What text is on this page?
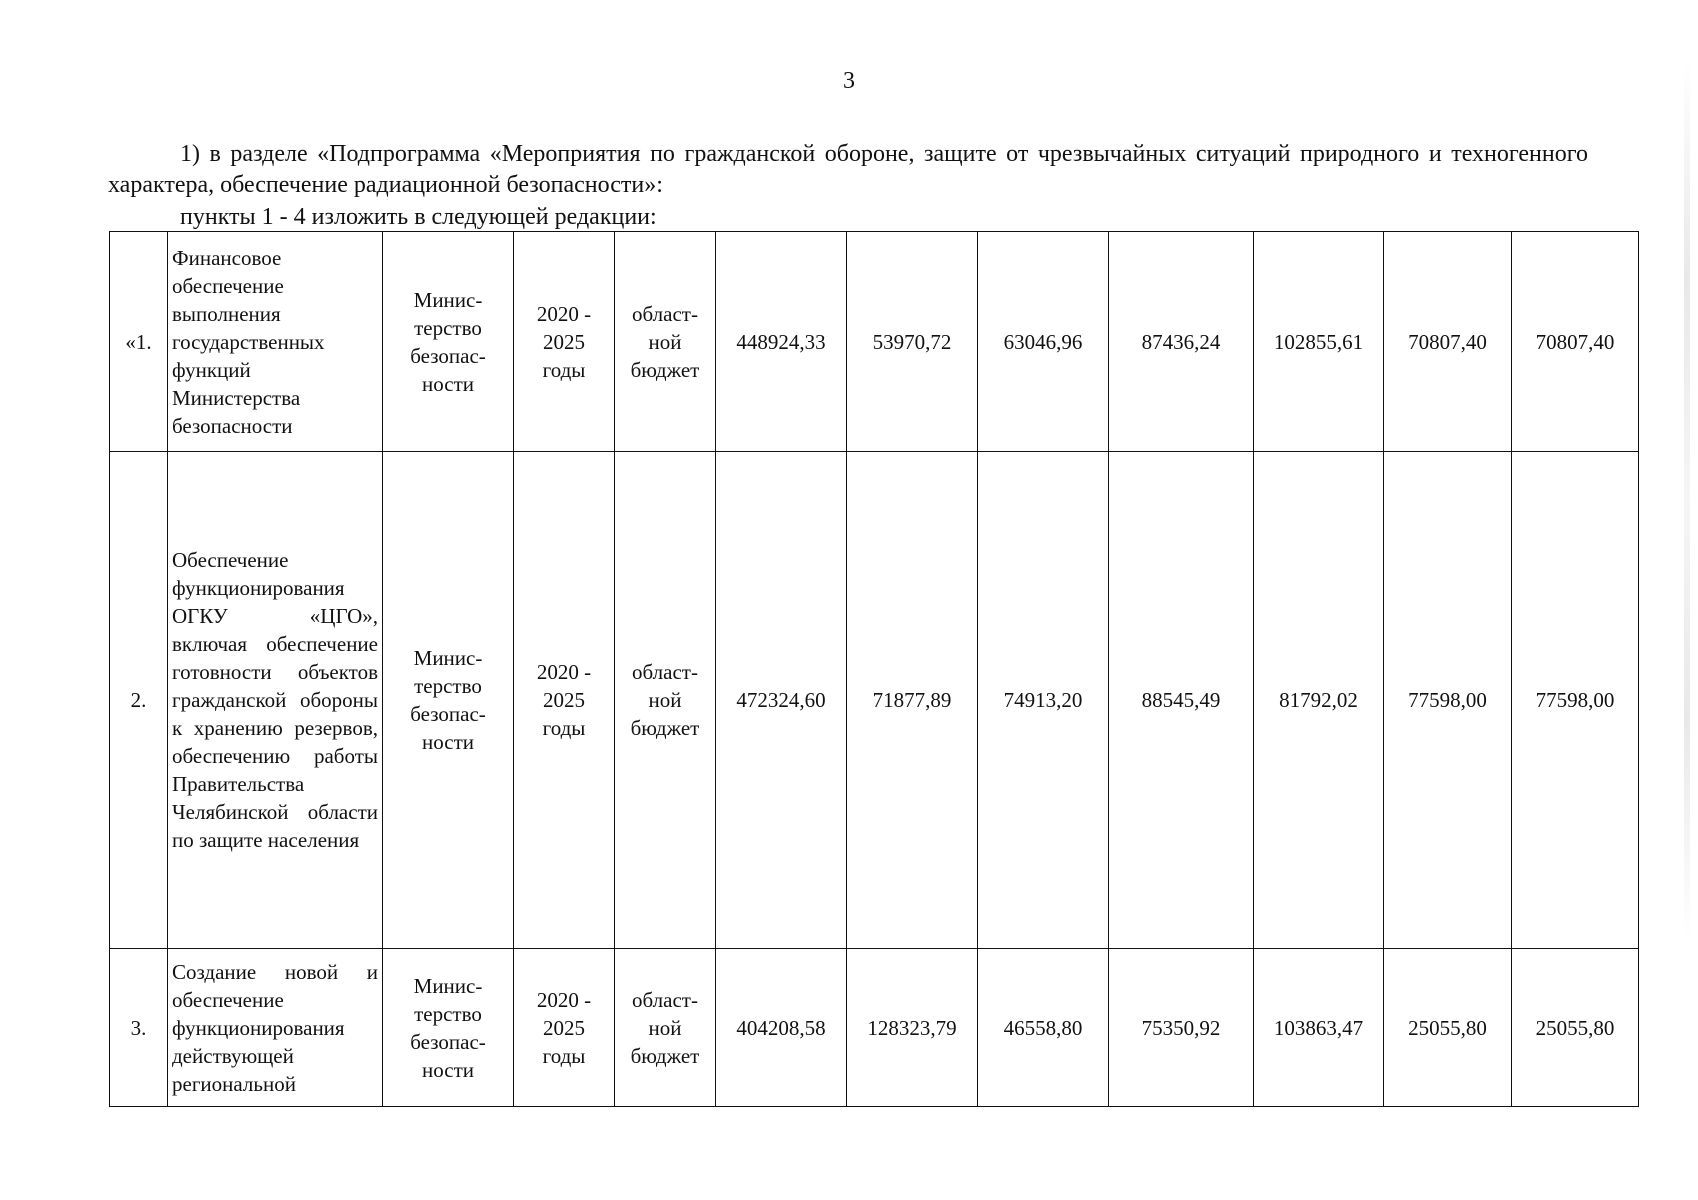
3

1) в разделе «Подпрограмма «Мероприятия по гражданской обороне, защите от чрезвычайных ситуаций природного и техногенного характера, обеспечение радиационной безопасности»:

пункты 1 - 4 изложить в следующей редакции:
«1.	Финансовое обеспечение выполнения государственных функций Министерства безопасности	Минис-
терство
безопас-
ности	2020 -
2025
годы	област-
ной
бюджет	448924,33	53970,72	63046,96	87436,24	102855,61	70807,40	70807,40
2.	Обеспечение функционирования ОГКУ «ЦГО», включая обеспечение готовности объектов гражданской обороны к хранению резервов, обеспечению работы Правительства Челябинской области по защите населения	Минис-
терство
безопас-
ности	2020 -
2025
годы	област-
ной
бюджет	472324,60	71877,89	74913,20	88545,49	81792,02	77598,00	77598,00
3.	Создание новой и обеспечение функционирования действующей региональной	Минис-
терство
безопас-
ности	2020 -
2025
годы	област-
ной
бюджет	404208,58	128323,79	46558,80	75350,92	103863,47	25055,80	25055,80
